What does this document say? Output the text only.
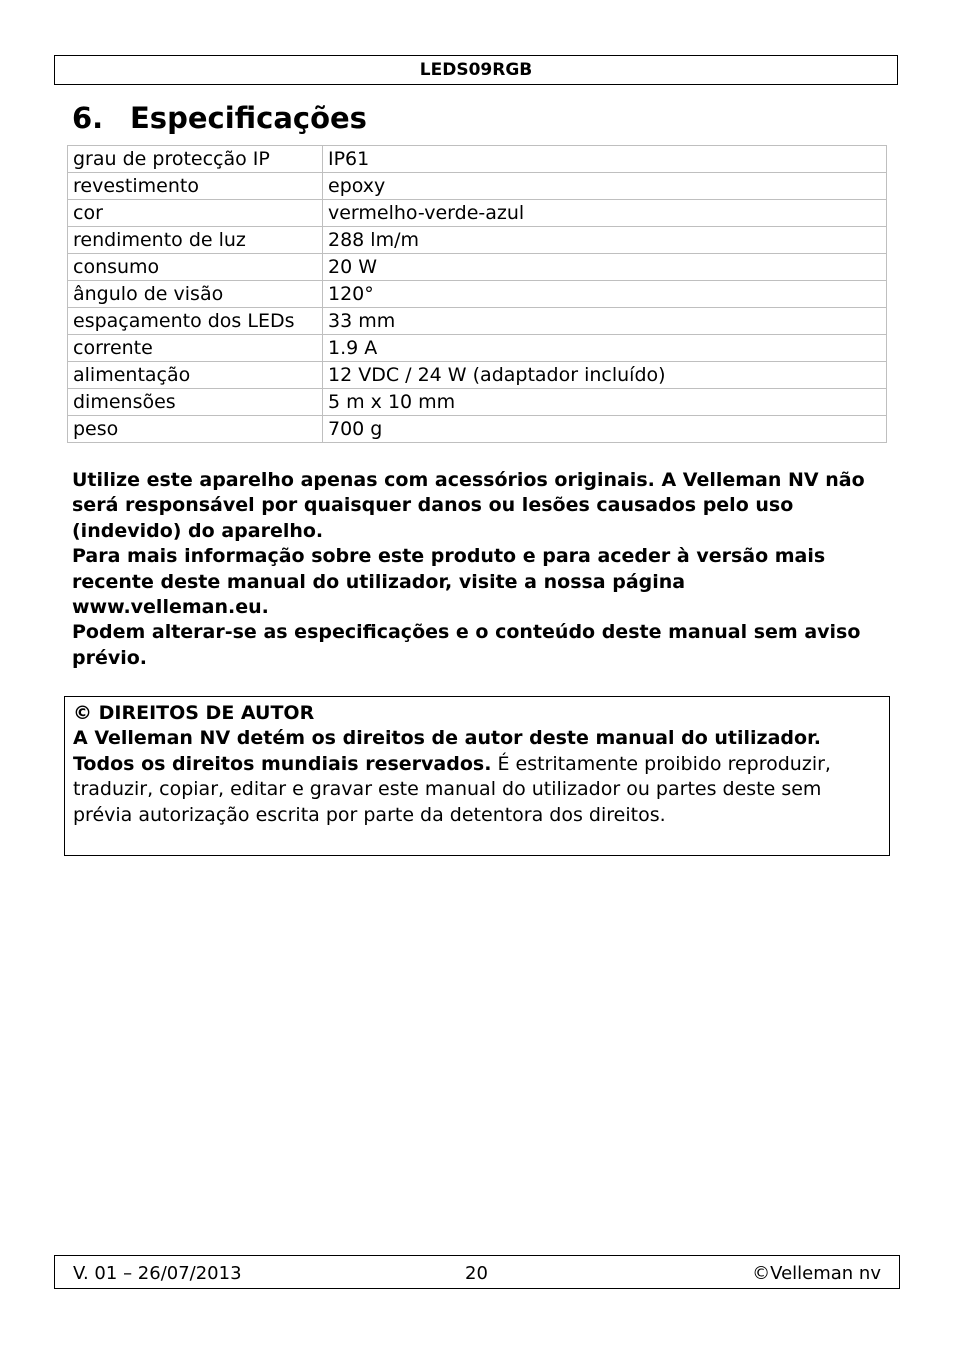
LEDS09RGB
6. Especificações
grau de protecção IP	IP61
revestimento	epoxy
cor	vermelho-verde-azul
rendimento de luz	288 lm/m
consumo	20 W
ângulo de visão	120°
espaçamento dos LEDs	33 mm
corrente	1.9 A
alimentação	12 VDC / 24 W (adaptador incluído)
dimensões	5 m x 10 mm
peso	700 g

Utilize este aparelho apenas com acessórios originais. A Velleman NV não será responsável por quaisquer danos ou lesões causados pelo uso (indevido) do aparelho.

Para mais informação sobre este produto e para aceder à versão mais recente deste manual do utilizador, visite a nossa página www.velleman.eu.

Podem alterar-se as especificações e o conteúdo deste manual sem aviso prévio.

© DIREITOS DE AUTOR

A Velleman NV detém os direitos de autor deste manual do utilizador. Todos os direitos mundiais reservados. É estritamente proibido reproduzir, traduzir, copiar, editar e gravar este manual do utilizador ou partes deste sem prévia autorização escrita por parte da detentora dos direitos.

V. 01 – 26/07/2013	20	©Velleman nv
